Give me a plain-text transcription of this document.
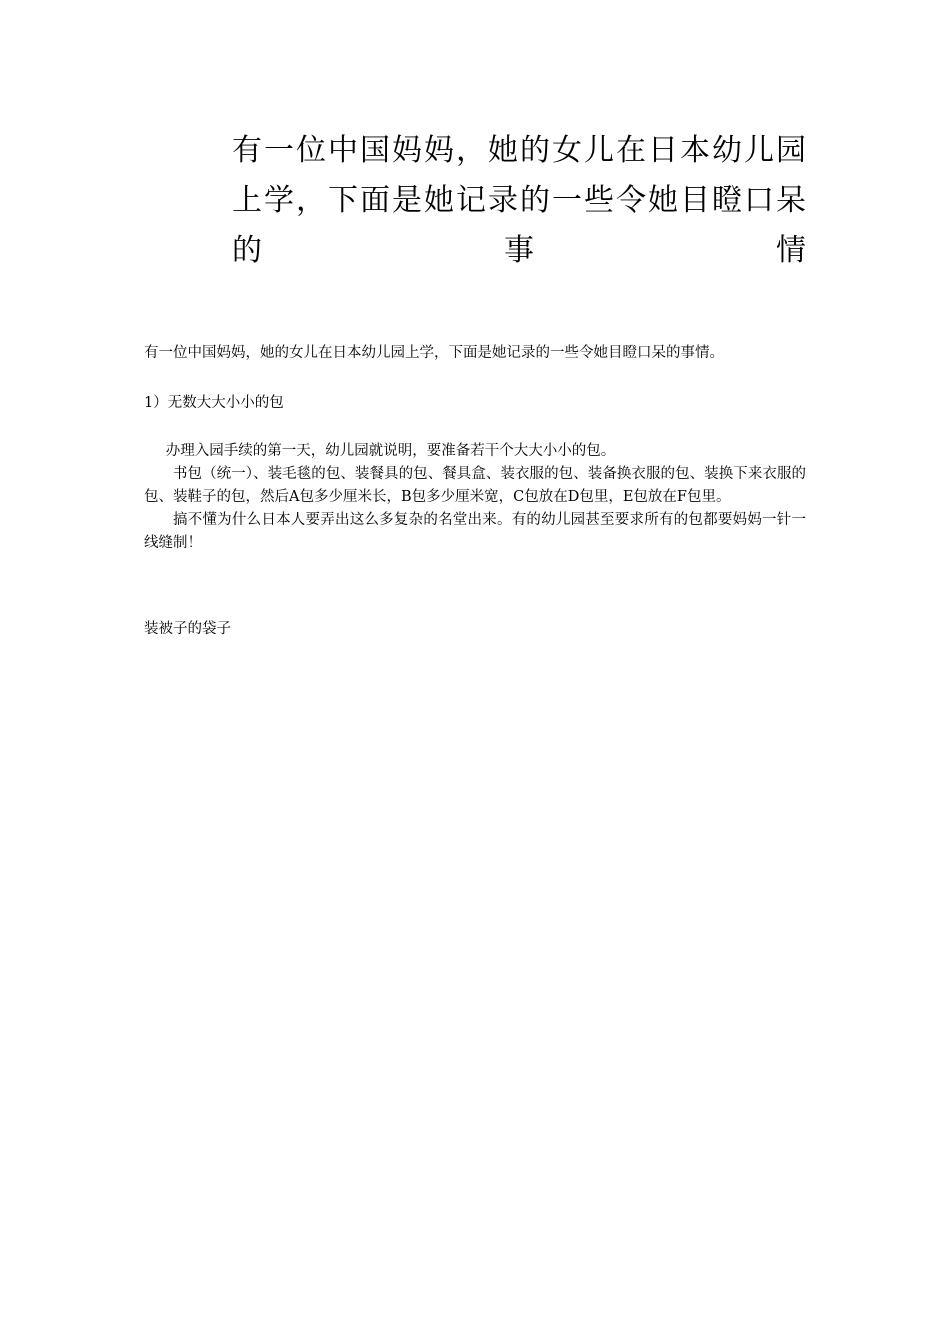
有一位中国妈妈，她的女儿在日本幼儿园
上学，下面是她记录的一些令她目瞪口呆
的 事 情

有一位中国妈妈，她的女儿在日本幼儿园上学，下面是她记录的一些令她目瞪口呆的事情。

1）无数大大小小的包

办理入园手续的第一天，幼儿园就说明，要准备若干个大大小小的包。

书包（统一）、装毛毯的包、装餐具的包、餐具盒、装衣服的包、装备换衣服的包、装换下来衣服的包、装鞋子的包，然后A包多少厘米长，B包多少厘米宽，C包放在D包里，E包放在F包里。

搞不懂为什么日本人要弄出这么多复杂的名堂出来。有的幼儿园甚至要求所有的包都要妈妈一针一线缝制！

装被子的袋子
